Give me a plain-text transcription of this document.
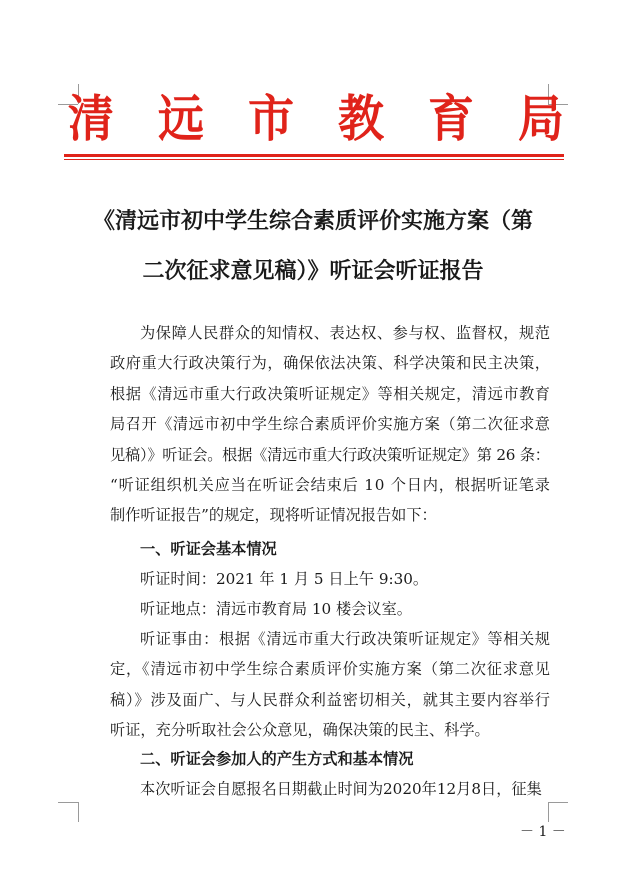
清 远 市 教 育 局
《清远市初中学生综合素质评价实施方案（第
二次征求意见稿）》听证会听证报告
为保障人民群众的知情权、表达权、参与权、监督权，规范
政府重大行政决策行为，确保依法决策、科学决策和民主决策，
根据《清远市重大行政决策听证规定》等相关规定，清远市教育
局召开《清远市初中学生综合素质评价实施方案（第二次征求意
见稿）》听证会。根据《清远市重大行政决策听证规定》第 26 条：
“听证组织机关应当在听证会结束后 10 个日内，根据听证笔录
制作听证报告”的规定，现将听证情况报告如下：
一、听证会基本情况
听证时间：2021 年 1 月 5 日上午 9:30。
听证地点：清远市教育局 10 楼会议室。
听证事由：根据《清远市重大行政决策听证规定》等相关规
定，《清远市初中学生综合素质评价实施方案（第二次征求意见
稿）》涉及面广、与人民群众利益密切相关，就其主要内容举行
听证，充分听取社会公众意见，确保决策的民主、科学。
二、听证会参加人的产生方式和基本情况
本次听证会自愿报名日期截止时间为2020年12月8日，征集
－ 1 －
